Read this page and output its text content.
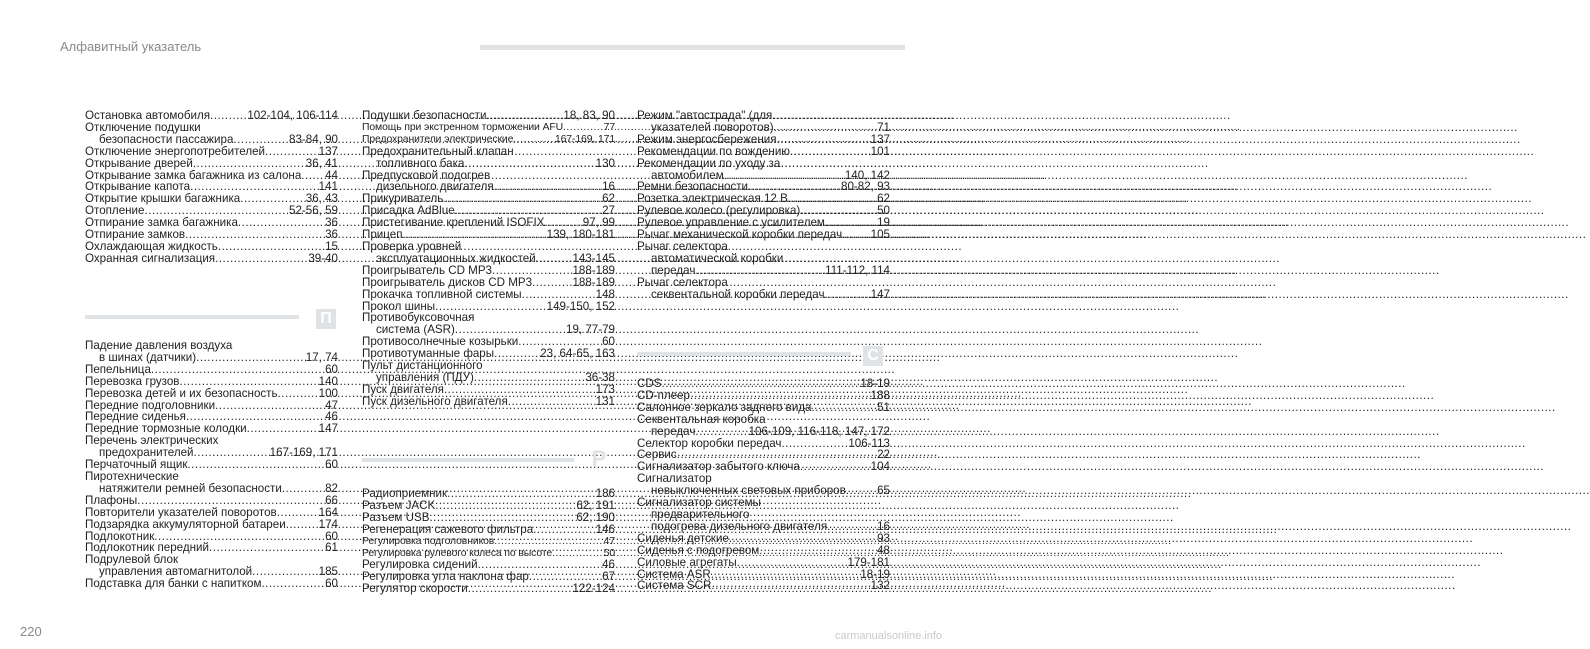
Алфавитный указатель
Остановка автомобиля .....	102-104, 106-114
Отключение подушки
безопасности пассажира .....	83-84, 90
Отключение энергопотребителей .....	137
Открывание дверей .....	36, 41
Открывание замка багажника из салона ..... 44
Открывание капота .....	141
Открытие крышки багажника .....	36, 43
Отопление .....	52-56, 59
Отпирание замка багажника .....	36
Отпирание замков .....	36
Охлаждающая жидкость .....	15
Охранная сигнализация .....	39-40
П
Падение давления воздуха
в шинах (датчики) .....	17, 74
Пепельница .....	60
Перевозка грузов .....	140
Перевозка детей и их безопасность .....	100
Передние подголовники .....	47
Передние сиденья .....	46
Передние тормозные колодки .....	147
Перечень электрических
предохранителей .....	167-169, 171
Перчаточный ящик .....	60
Пиротехнические
натяжители ремней безопасности .....	82
Плафоны .....	66
Повторители указателей поворотов .....	164
Подзарядка аккумуляторной батареи .....	174
Подлокотник .....	60
Подлокотник передний .....	61
Подрулевой блок
управления автомагнитолой .....	185
Подставка для банки с напитком .....	60
Подушки безопасности .....	18, 83, 90
Помощь при экстренном торможении AFU .....	77
Предохранители электрические .....	167-169, 171
Предохранительный клапан
топливного бака .....	130
Предпусковой подогрев
дизельного двигателя .....	16
Прикуриватель .....	62
Присадка AdBlue .....	27
Пристегивание креплений ISOFIX .....	97, 99
Прицеп .....	139, 180-181
Проверка уровней
эксплуатационных жидкостей .....	143-145
Проигрыватель CD MP3 .....	188-189
Проигрыватель дисков CD MP3 .....	188-189
Прокачка топливной системы .....	148
Прокол шины .....	149-150, 152
Противобуксовочная
система (ASR) .....	19, 77-79
Противосолнечные козырьки .....	60
Противотуманные фары .....	23, 64-65, 163
Пульт дистанционного
управления (ПДУ) .....	36-38
Пуск двигателя .....	173
Пуск дизельного двигателя .....	131
Р
Радиоприемник .....	186
Разъем JACK .....	62, 191
Разъем USB .....	62, 190
Регенерация сажевого фильтра .....	146
Регулировка подголовников .....	47
Регулировка рулевого колеса по высоте .....	50
Регулировка сидений .....	46
Регулировка угла наклона фар .....	67
Регулятор скорости .....	122-124
Режим "автострада" (для
указателей поворотов) .....	71
Режим энергосбережения .....	137
Рекомендации по вождению .....	101
Рекомендации по уходу за
автомобилем .....	140, 142
Ремни безопасности .....	80-82, 93
Розетка электрическая 12 В .....	62
Рулевое колесо (регулировка) .....	50
Рулевое управление с усилителем .....	19
Рычаг механической коробки передач ..... 105
Рычаг селектора
автоматической коробки
передач .....	111-112, 114
Рычаг селектора
секвентальной коробки передач .....	147
С
CDS .....	18-19
CD-плеер .....	188
Салонное зеркало заднего вида .....	51
Секвентальная коробка
передач .....	106-109, 116-118, 147, 172
Селектор коробки передач .....	106-113
Сервис .....	22
Сигнализатор забытого ключа .....	104
Сигнализатор
невыключенных световых приборов .....	65
Сигнализатор системы
предварительного
подогрева дизельного двигателя .....	16
Сиденья детские .....	93
Сиденья с подогревом .....	48
Силовые агрегаты .....	179-181
Система ASR .....	18-19
Система SCR .....	132
220	carmanualsonline.info
